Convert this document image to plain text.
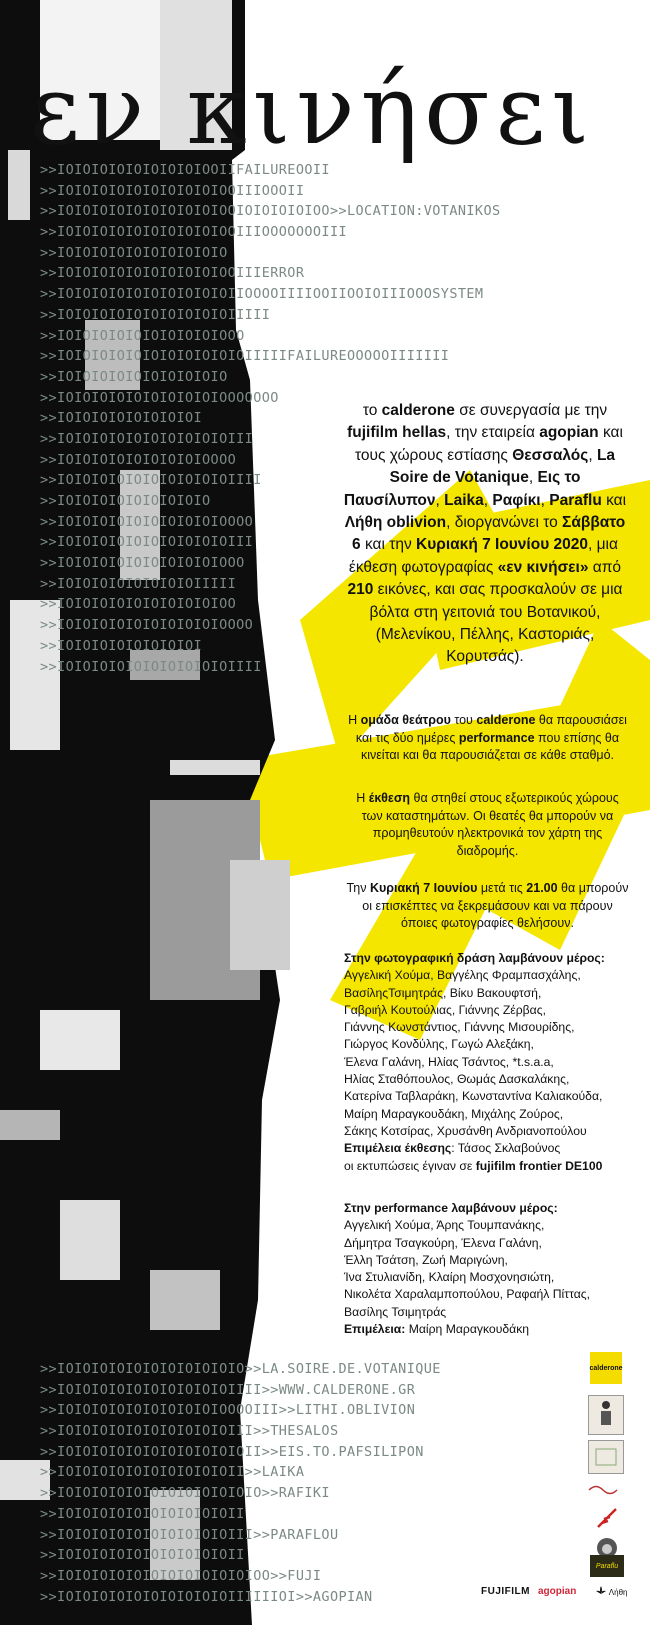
εν κινήσει
>>IOIOIOIOIOIOIOIOIOOIIFAILUREOOII
>>IOIOIOIOIOIOIOIOIOIOOIIIOOOII
>>IOIOIOIOIOIOIOIOIOIOOIOIOIOIOIOO>>LOCATION:VOTANIKOS
>>IOIOIOIOIOIOIOIOIOIOOIIIOOOOOOOIII
>>IOIOIOIOIOIOIOIOIOIO
>>IOIOIOIOIOIOIOIOIOIOOIIIERROR
>>IOIOIOIOIOIOIOIOIOIOIIOOOOIIIIOOIIOOIOIIIOOOSYSTEM
>>IOIOIOIOIOIOIOIOIOIOIIIII
>>IOIOIOIOIOIOIOIOIOIOOO
>>IOIOIOIOIOIOIOIOIOIOIOIIIIIFAILUREOOOOOIIIIIII
>>IOIOIOIOIOIOIOIOIOIO
>>IOIOIOIOIOIOIOIOIOIOOOOOOO
>>IOIOIOIOIOIOIOIOI
>>IOIOIOIOIOIOIOIOIOIOIII
>>IOIOIOIOIOIOIOIOIOOOO
>>IOIOIOIOIOIOIOIOIOIOIIII
>>IOIOIOIOIOIOIOIOIO
>>IOIOIOIOIOIOIOIOIOIOOOO
>>IOIOIOIOIOIOIOIOIOIOIII
>>IOIOIOIOIOIOIOIOIOIOOO
>>IOIOIOIOIOIOIOIOIIIII
>>IOIOIOIOIOIOIOIOIOIOO
>>IOIOIOIOIOIOIOIOIOIOOOO
>>IOIOIOIOIOIOIOIOI
>>IOIOIOIOIOIOIOIOIOIOIIII
το calderone σε συνεργασία με την fujifilm hellas, την εταιρεία agopian και τους χώρους εστίασης Θεσσαλός, La Soire de Votanique, Εις το Παυσίλυπον, Laika, Ραφίκι, Paraflu και Λήθη oblivion, διοργανώνει το Σάββατο 6 και την Κυριακή 7 Ιουνίου 2020, μια έκθεση φωτογραφίας «εν κινήσει» από 210 εικόνες, και σας προσκαλούν σε μια βόλτα στη γειτονιά του Βοτανικού, (Μελενίκου, Πέλλης, Καστοριάς, Κορυτσάς).
Η ομάδα θεάτρου του calderone θα παρουσιάσει και τις δύο ημέρες performance που επίσης θα κινείται και θα παρουσιάζεται σε κάθε σταθμό.
Η έκθεση θα στηθεί στους εξωτερικούς χώρους των καταστημάτων. Οι θεατές θα μπορούν να προμηθευτούν ηλεκτρονικά τον χάρτη της διαδρομής.
Την Κυριακή 7 Ιουνίου μετά τις 21.00 θα μπορούν οι επισκέπτες να ξεκρεμάσουν και να πάρουν όποιες φωτογραφίες θελήσουν.
Στην φωτογραφική δράση λαμβάνουν μέρος:
Αγγελική Χούμα, Βαγγέλης Φραμπασχάλης,
ΒασίληςΤσιμητράς, Βίκυ Βακουφτσή,
Γαβριήλ Κουτούλιας, Γιάννης Ζέρβας,
Γιάννης Κωνστάντιος, Γιάννης Μισουρίδης,
Γιώργος Κονδύλης, Γωγώ Αλεξάκη,
Έλενα Γαλάνη, Ηλίας Τσάντος, *t.s.a.a,
Ηλίας Σταθόπουλος, Θωμάς Δασκαλάκης,
Κατερίνα Ταβλαράκη, Κωνσταντίνα Καλιακούδα,
Μαίρη Μαραγκουδάκη, Μιχάλης Ζούρος,
Σάκης Κοτσίρας, Χρυσάνθη Ανδριανοπούλου
Επιμέλεια έκθεσης: Τάσος Σκλαβούνος
οι εκτυπώσεις έγιναν σε fujifilm frontier DE100
Στην performance λαμβάνουν μέρος:
Αγγελική Χούμα, Άρης Τουμπανάκης,
Δήμητρα Τσαγκούρη, Έλενα Γαλάνη,
Έλλη Τσάτση, Ζωή Μαριγώνη,
Ίνα Στυλιανίδη, Κλαίρη Μοσχονησιώτη,
Νικολέτα Χαραλαμποπούλου, Ραφαήλ Πίττας,
Βασίλης Τσιμητράς
Επιμέλεια: Μαίρη Μαραγκουδάκη
>>IOIOIOIOIOIOIOIOIOIOIO>>LA.SOIRE.DE.VOTANIQUE
>>IOIOIOIOIOIOIOIOIOIOIIII>>WWW.CALDERONE.GR
>>IOIOIOIOIOIOIOIOIOIOOOOIII>>LITHI.OBLIVION
>>IOIOIOIOIOIOIOIOIOIOIII>>THESALOS
>>IOIOIOIOIOIOIOIOIOIOIOII>>EIS.TO.PAFSILIPON
>>IOIOIOIOIOIOIOIOIOIOII>>LAIKA
>>IOIOIOIOIOIOIOIOIOIOIOIO>>RAFIKI
>>IOIOIOIOIOIOIOIOIOIOII
>>IOIOIOIOIOIOIOIOIOIOIII>>PARAFLOU
>>IOIOIOIOIOIOIOIOIOIOII
>>IOIOIOIOIOIOIOIOIOIOIOIOO>>FUJI
>>IOIOIOIOIOIOIOIOIOIOIIIIIIOI>>AGOPIAN
calderone
Paraflu
FUJIFILM agopian	Λήθη
